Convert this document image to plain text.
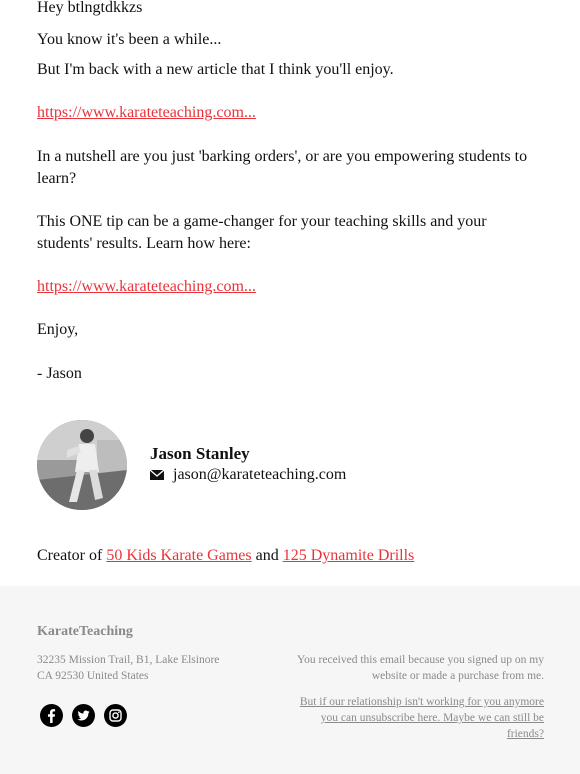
Hey btlngtdkkzs

You know it's been a while...

But I'm back with a new article that I think you'll enjoy.

https://www.karateteaching.com...

In a nutshell are you just 'barking orders', or are you empowering students to learn?

This ONE tip can be a game-changer for your teaching skills and your students' results. Learn how here:

https://www.karateteaching.com...

Enjoy,

- Jason

Jason Stanley
jason@karateteaching.com
Creator of 50 Kids Karate Games and 125 Dynamite Drills
KarateTeaching
32235 Mission Trail, B1, Lake Elsinore
CA 92530 United States
You received this email because you signed up on my website or made a purchase from me.
But if our relationship isn't working for you anymore you can unsubscribe here. Maybe we can still be friends?
